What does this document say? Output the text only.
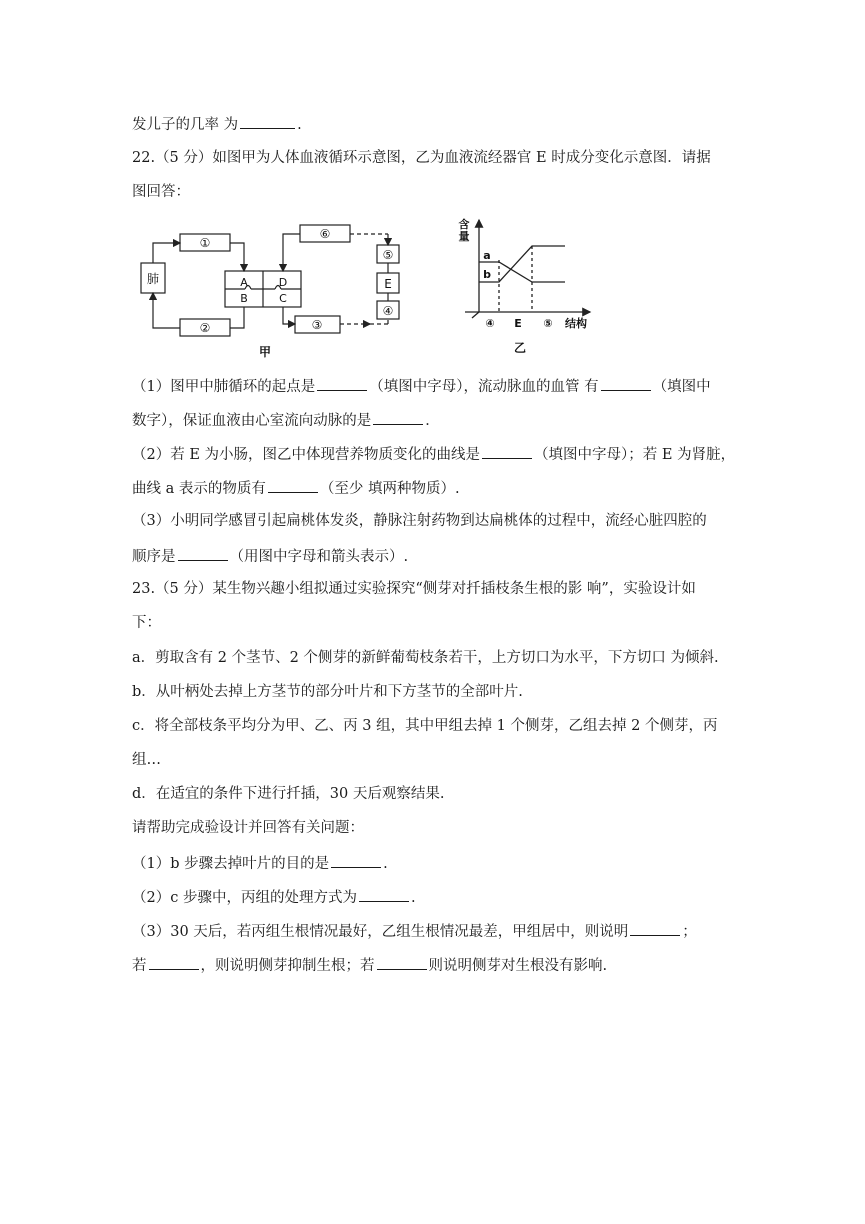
发儿子的几率 为	.
22.（5 分）如图甲为人体血液循环示意图，乙为血液流经器官 E 时成分变化示意图．请据
图回答：
肺
①
②
⑥
③
⑤
E
④
A
B
D
C
甲
含
量
a
b
④ E ⑤ 结构
乙
（1）图甲中肺循环的起点是	（填图中字母），流动脉血的血管 有	（填图中
数字），保证血液由心室流向动脉的是	．
（2）若 E 为小肠，图乙中体现营养物质变化的曲线是	（填图中字母）；若 E 为肾脏，
曲线 a 表示的物质有	（至少 填两种物质）.
（3）小明同学感冒引起扁桃体发炎，静脉注射药物到达扁桃体的过程中，流经心脏四腔的
顺序是	（用图中字母和箭头表示）.
23.（5 分）某生物兴趣小组拟通过实验探究“侧芽对扦插枝条生根的影 响”，实验设计如
下：
a．剪取含有 2 个茎节、2 个侧芽的新鲜葡萄枝条若干，上方切口为水平，下方切口 为倾斜.
b．从叶柄处去掉上方茎节的部分叶片和下方茎节的全部叶片.
c．将全部枝条平均分为甲、乙、丙 3 组，其中甲组去掉 1 个侧芽，乙组去掉 2 个侧芽，丙
组…
d．在适宜的条件下进行扦插，30 天后观察结果.
请帮助完成验设计并回答有关问题：
（1）b 步骤去掉叶片的目的是	.
（2）c 步骤中，丙组的处理方式为	.
（3）30 天后，若丙组生根情况最好，乙组生根情况最差，甲组居中，则说明	；
若	，则说明侧芽抑制生根；若	则说明侧芽对生根没有影响.
